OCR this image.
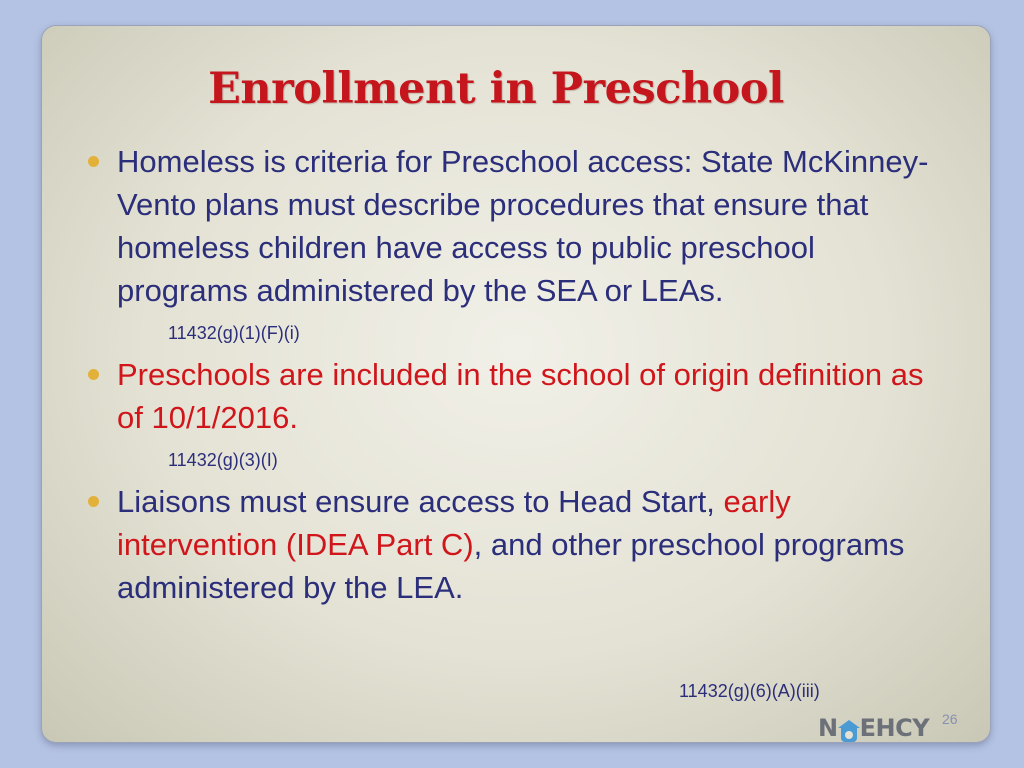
Enrollment in Preschool
Homeless is criteria for Preschool access: State McKinney-Vento plans must describe procedures that ensure that homeless children have access to public preschool programs administered by the SEA or LEAs.
11432(g)(1)(F)(i)
Preschools are included in the school of origin definition as of 10/1/2016.
11432(g)(3)(I)
Liaisons must ensure access to Head Start, early intervention (IDEA Part C), and other preschool programs administered by the LEA.
11432(g)(6)(A)(iii)
N EHCY 26
